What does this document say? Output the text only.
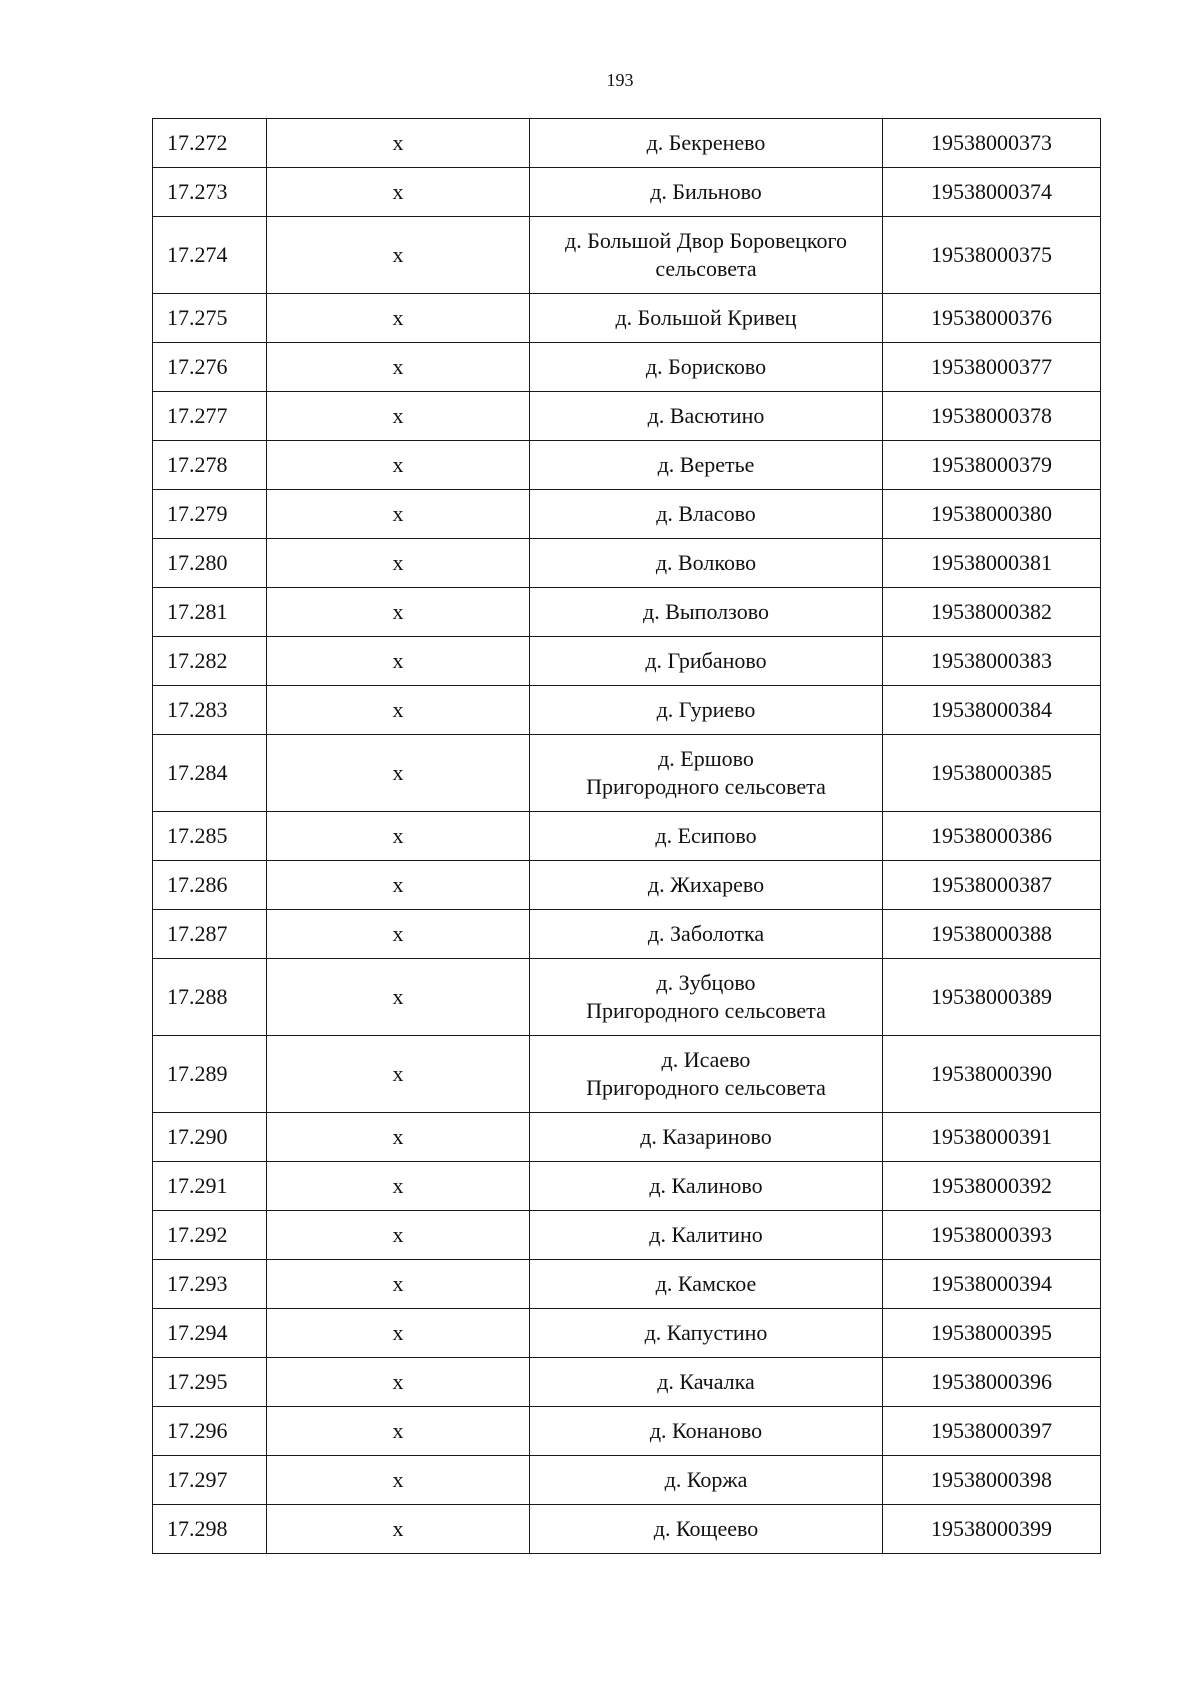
193
17.272	х	д. Бекренево	19538000373
17.273	х	д. Бильново	19538000374
17.274	х	д. Большой Двор Боровецкого
сельсовета	19538000375
17.275	х	д. Большой Кривец	19538000376
17.276	х	д. Борисково	19538000377
17.277	х	д. Васютино	19538000378
17.278	х	д. Веретье	19538000379
17.279	х	д. Власово	19538000380
17.280	х	д. Волково	19538000381
17.281	х	д. Выползово	19538000382
17.282	х	д. Грибаново	19538000383
17.283	х	д. Гуриево	19538000384
17.284	х	д. Ершово
Пригородного сельсовета	19538000385
17.285	х	д. Есипово	19538000386
17.286	х	д. Жихарево	19538000387
17.287	х	д. Заболотка	19538000388
17.288	х	д. Зубцово
Пригородного сельсовета	19538000389
17.289	х	д. Исаево
Пригородного сельсовета	19538000390
17.290	х	д. Казариново	19538000391
17.291	х	д. Калиново	19538000392
17.292	х	д. Калитино	19538000393
17.293	х	д. Камское	19538000394
17.294	х	д. Капустино	19538000395
17.295	х	д. Качалка	19538000396
17.296	х	д. Конаново	19538000397
17.297	х	д. Коржа	19538000398
17.298	х	д. Кощеево	19538000399
